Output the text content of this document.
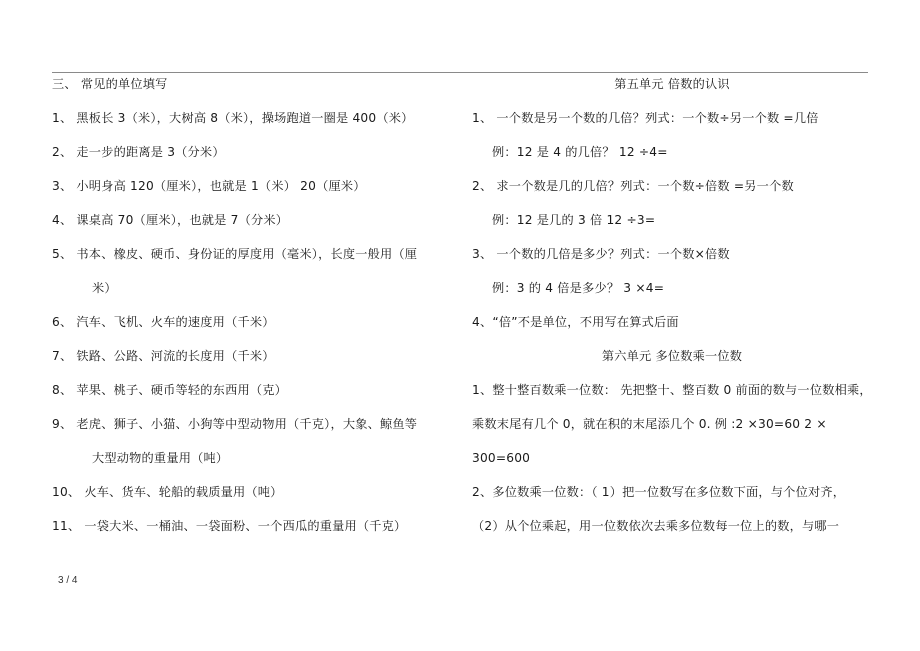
三、 常见的单位填写
1、 黑板长 3（米），大树高 8（米），操场跑道一圈是 400（米）
2、 走一步的距离是 3（分米）
3、 小明身高 120（厘米），也就是 1（米） 20（厘米）
4、 课桌高 70（厘米），也就是 7（分米）
5、 书本、橡皮、硬币、身份证的厚度用（毫米），长度一般用（厘
米）
6、 汽车、飞机、火车的速度用（千米）
7、 铁路、公路、河流的长度用（千米）
8、 苹果、桃子、硬币等轻的东西用（克）
9、 老虎、狮子、小猫、小狗等中型动物用（千克），大象、鲸鱼等
大型动物的重量用（吨）
10、 火车、货车、轮船的载质量用（吨）
11、 一袋大米、一桶油、一袋面粉、一个西瓜的重量用（千克）
第五单元 倍数的认识
1、 一个数是另一个数的几倍？列式：一个数÷另一个数 =几倍
例：12 是 4 的几倍？ 12 ÷4=
2、 求一个数是几的几倍？列式：一个数÷倍数 =另一个数
例：12 是几的 3 倍 12 ÷3=
3、 一个数的几倍是多少？列式：一个数×倍数
例：3 的 4 倍是多少？ 3 ×4=
4、“倍”不是单位，不用写在算式后面
第六单元 多位数乘一位数
1、整十整百数乘一位数： 先把整十、整百数 0 前面的数与一位数相乘，
乘数末尾有几个 0，就在积的末尾添几个 0. 例 :2 ×30=60 2 ×
300=600
2、多位数乘一位数：（ 1）把一位数写在多位数下面，与个位对齐，
（2）从个位乘起，用一位数依次去乘多位数每一位上的数，与哪一
3 / 4
